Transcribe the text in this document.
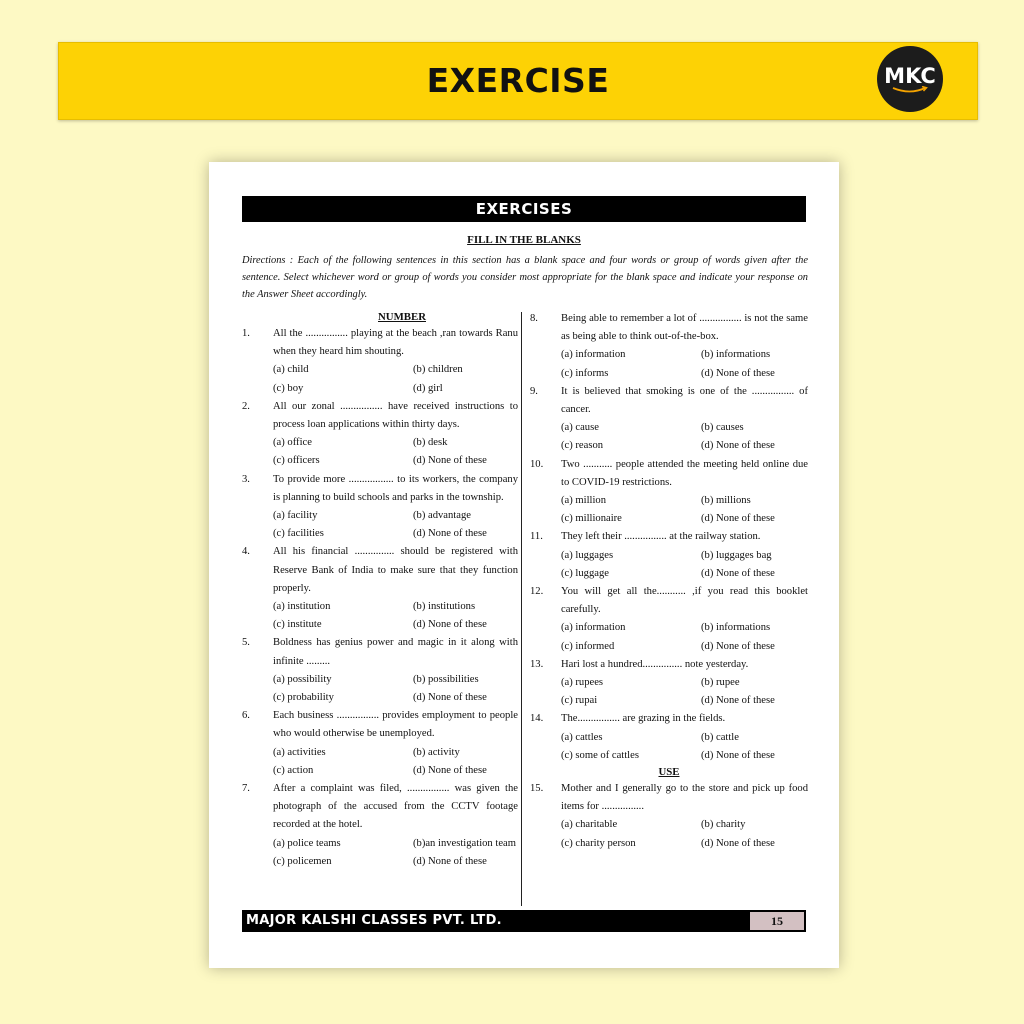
EXERCISE	MKC
EXERCISES
FILL IN THE BLANKS
Directions : Each of the following sentences in this section has a blank space and four words or group of words given after the sentence. Select whichever word or group of words you consider most appropriate for the blank space and indicate your response on the Answer Sheet accordingly.
NUMBER
1.	All the ................ playing at the beach ,ran towards Ranu when they heard him shouting.
(a) child	(b) children
(c) boy	(d) girl
2.	All our zonal ................ have received instructions to process loan applications within thirty days.
(a) office	(b) desk
(c) officers	(d) None of these
3.	To provide more ................. to its workers, the company is planning to build schools and parks in the township.
(a) facility	(b) advantage
(c) facilities	(d) None of these
4.	All his financial ............... should be registered with Reserve Bank of India to make sure that they function properly.
(a) institution	(b) institutions
(c) institute	(d) None of these
5.	Boldness has genius power and magic in it along with infinite .........
(a) possibility	(b) possibilities
(c) probability	(d) None of these
6.	Each business ................ provides employment to people who would otherwise be unemployed.
(a) activities	(b) activity
(c) action	(d) None of these
7.	After a complaint was filed, ................ was given the photograph of the accused from the CCTV footage recorded at the hotel.
(a) police teams	(b)an investigation team
(c) policemen	(d) None of these
8.	Being able to remember a lot of ................ is not the same as being able to think out-of-the-box.
(a) information	(b) informations
(c) informs	(d) None of these
9.	It is believed that smoking is one of the ................ of cancer.
(a) cause	(b) causes
(c) reason	(d) None of these
10.	Two ........... people attended the meeting held online due to COVID-19 restrictions.
(a) million	(b) millions
(c) millionaire	(d) None of these
11.	They left their ................ at the railway station.
(a) luggages	(b) luggages bag
(c) luggage	(d) None of these
12.	You will get all the........... ,if you read this booklet carefully.
(a) information	(b) informations
(c) informed	(d) None of these
13.	Hari lost a hundred............... note yesterday.
(a) rupees	(b) rupee
(c) rupai	(d) None of these
14.	The................ are grazing in the fields.
(a) cattles	(b) cattle
(c) some of cattles	(d) None of these
USE
15.	Mother and I generally go to the store and pick up food items for ................
(a) charitable	(b) charity
(c) charity person	(d) None of these
MAJOR KALSHI CLASSES PVT. LTD.	15
